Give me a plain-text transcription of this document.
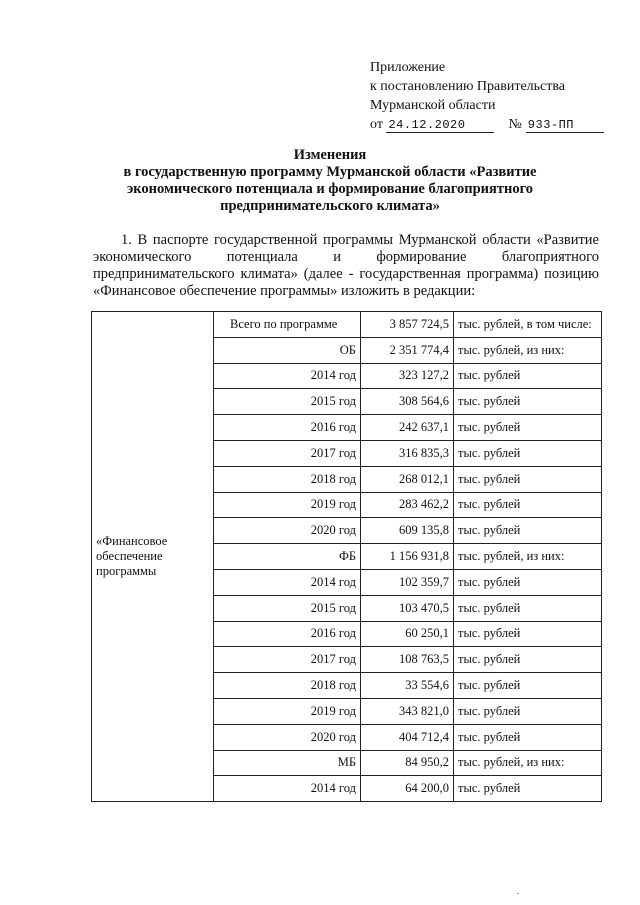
Приложение
к постановлению Правительства
Мурманской области
от 24.12.2020	№ 933-ПП
Изменения
в государственную программу Мурманской области «Развитие
экономического потенциала и формирование благоприятного
предпринимательского климата»
1. В паспорте государственной программы Мурманской области «Развитие экономического потенциала и формирование благоприятного предпринимательского климата» (далее - государственная программа) позицию «Финансовое обеспечение программы» изложить в редакции:
«Финансовое обеспечение программы	Всего по программе	3 857 724,5	тыс. рублей, в том числе:
	ОБ	2 351 774,4	тыс. рублей, из них:
	2014 год	323 127,2	тыс. рублей
	2015 год	308 564,6	тыс. рублей
	2016 год	242 637,1	тыс. рублей
	2017 год	316 835,3	тыс. рублей
	2018 год	268 012,1	тыс. рублей
	2019 год	283 462,2	тыс. рублей
	2020 год	609 135,8	тыс. рублей
	ФБ	1 156 931,8	тыс. рублей, из них:
	2014 год	102 359,7	тыс. рублей
	2015 год	103 470,5	тыс. рублей
	2016 год	60 250,1	тыс. рублей
	2017 год	108 763,5	тыс. рублей
	2018 год	33 554,6	тыс. рублей
	2019 год	343 821,0	тыс. рублей
	2020 год	404 712,4	тыс. рублей
	МБ	84 950,2	тыс. рублей, из них:
	2014 год	64 200,0	тыс. рублей
